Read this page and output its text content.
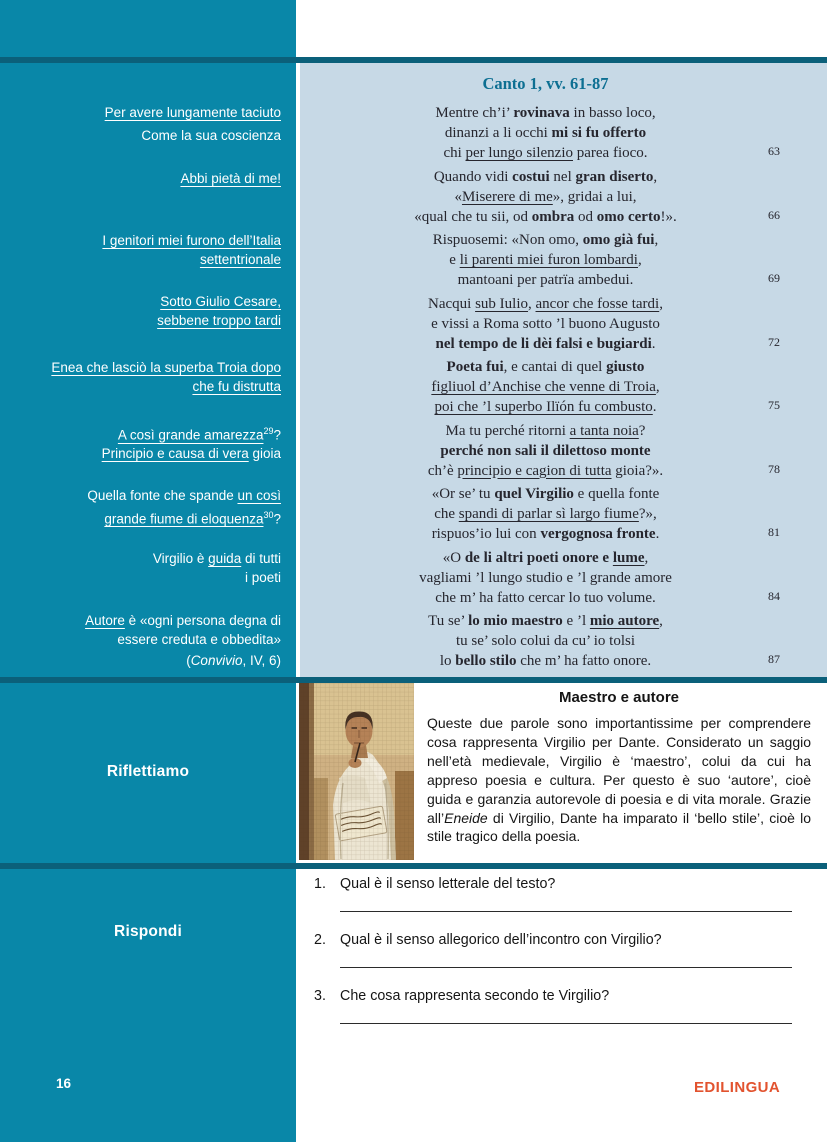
Per avere lungamente taciuto
Come la sua coscienza
Abbi pietà di me!
I genitori miei furono dell’Italia
settentrionale
Sotto Giulio Cesare,
sebbene troppo tardi
Enea che lasciò la superba Troia dopo
che fu distrutta
A così grande amarezza$^{29}$?
Principio e causa di vera gioia
Quella fonte che spande un così
grande fiume di eloquenza$^{30}$?
Virgilio è guida di tutti
i poeti
Autore è «ogni persona degna di
essere creduta e obbedita»
(Convivio, IV, 6)
Riflettiamo
Rispondi
16
Canto 1, vv. 61-87
Mentre ch’i’ rovinava in basso loco,
dinanzi a li occhi mi si fu offerto
chi per lungo silenzio parea fioco.	63
Quando vidi costui nel gran diserto,
«Miserere di me», gridai a lui,
«qual che tu sii, od ombra od omo certo!».	66
Rispuosemi: «Non omo, omo già fui,
e li parenti miei furon lombardi,
mantoani per patrïa ambedui.	69
Nacqui sub Iulio, ancor che fosse tardi,
e vissi a Roma sotto ’l buono Augusto
nel tempo de li dèi falsi e bugiardi.	72
Poeta fui, e cantai di quel giusto
figliuol d’Anchise che venne di Troia,
poi che ’l superbo Ilïón fu combusto.	75
Ma tu perché ritorni a tanta noia?
perché non sali il dilettoso monte
ch’è principio e cagion di tutta gioia?».	78
«Or se’ tu quel Virgilio e quella fonte
che spandi di parlar sì largo fiume?»,
rispuos’io lui con vergognosa fronte.	81
«O de li altri poeti onore e lume,
vagliami ’l lungo studio e ’l grande amore
che m’ ha fatto cercar lo tuo volume.	84
Tu se’ lo mio maestro e ’l mio autore,
tu se’ solo colui da cu’ io tolsi
lo bello stilo che m’ ha fatto onore.	87
Maestro e autore

Queste due parole sono importantissime per comprendere cosa rappresenta Virgilio per Dante. Considerato un saggio nell’età medievale, Virgilio è ‘maestro’, colui da cui ha appreso poesia e cultura. Per questo è suo ‘autore’, cioè guida e garanzia autorevole di poesia e di vita morale. Grazie all’Eneide di Virgilio, Dante ha imparato il ‘bello stile’, cioè lo stile tragico della poesia.

1. Qual è il senso letterale del testo?
2. Qual è il senso allegorico dell’incontro con Virgilio?
3. Che cosa rappresenta secondo te Virgilio?
EDILINGUA
